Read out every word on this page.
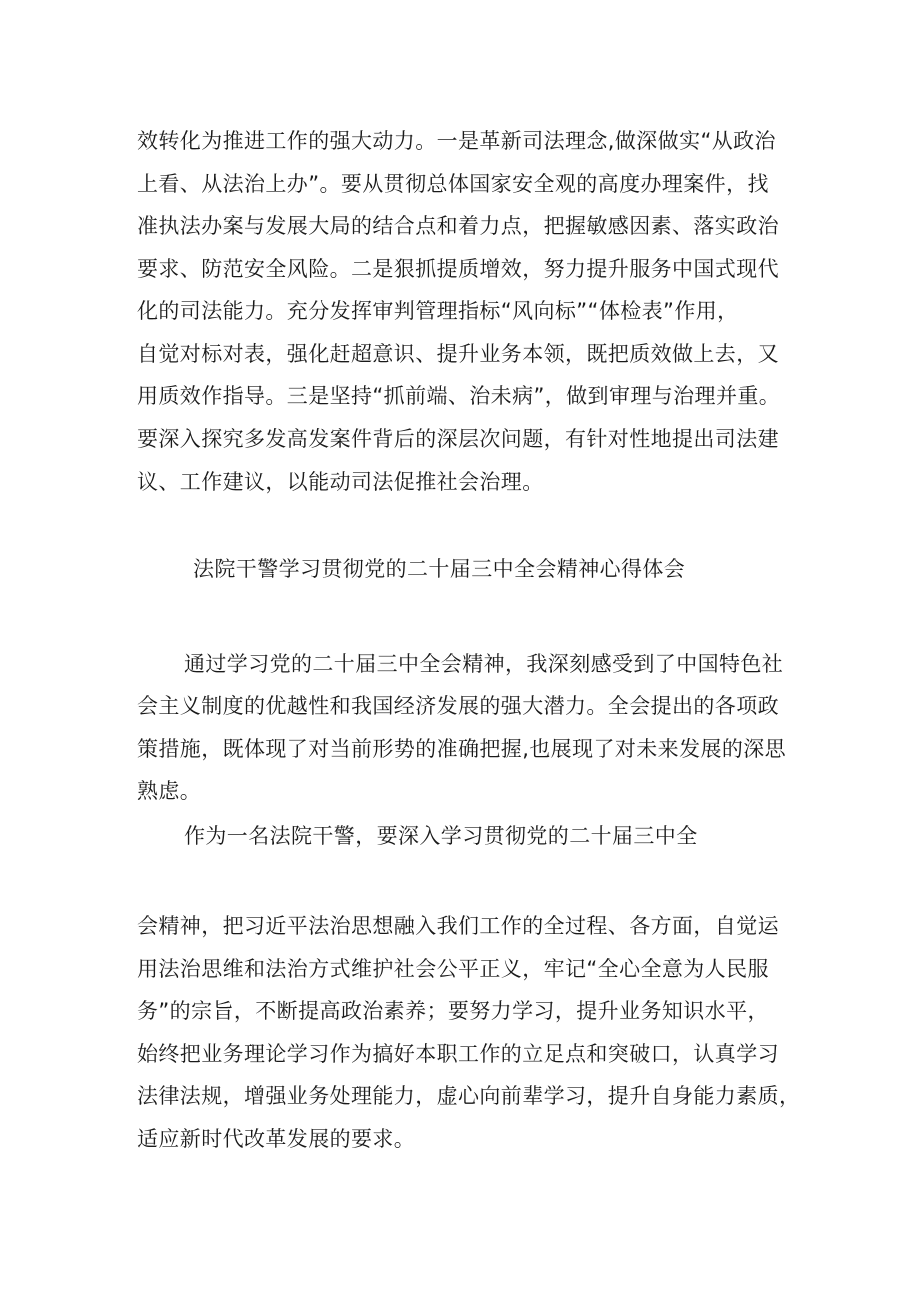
效转化为推进工作的强大动力。一是革新司法理念,做深做实“从政治

上看、从法治上办”。要从贯彻总体国家安全观的高度办理案件，找

准执法办案与发展大局的结合点和着力点，把握敏感因素、落实政治

要求、防范安全风险。二是狠抓提质增效，努力提升服务中国式现代

化的司法能力。充分发挥审判管理指标“风向标”“体检表”作用，

自觉对标对表，强化赶超意识、提升业务本领，既把质效做上去，又

用质效作指导。三是坚持“抓前端、治未病”，做到审理与治理并重。

要深入探究多发高发案件背后的深层次问题，有针对性地提出司法建

议、工作建议，以能动司法促推社会治理。

法院干警学习贯彻党的二十届三中全会精神心得体会

通过学习党的二十届三中全会精神，我深刻感受到了中国特色社

会主义制度的优越性和我国经济发展的强大潜力。全会提出的各项政

策措施，既体现了对当前形势的准确把握,也展现了对未来发展的深思

熟虑。

作为一名法院干警，要深入学习贯彻党的二十届三中全

会精神，把习近平法治思想融入我们工作的全过程、各方面，自觉运

用法治思维和法治方式维护社会公平正义，牢记“全心全意为人民服

务”的宗旨，不断提高政治素养；要努力学习，提升业务知识水平，

始终把业务理论学习作为搞好本职工作的立足点和突破口，认真学习

法律法规，增强业务处理能力，虚心向前辈学习，提升自身能力素质，

适应新时代改革发展的要求。
